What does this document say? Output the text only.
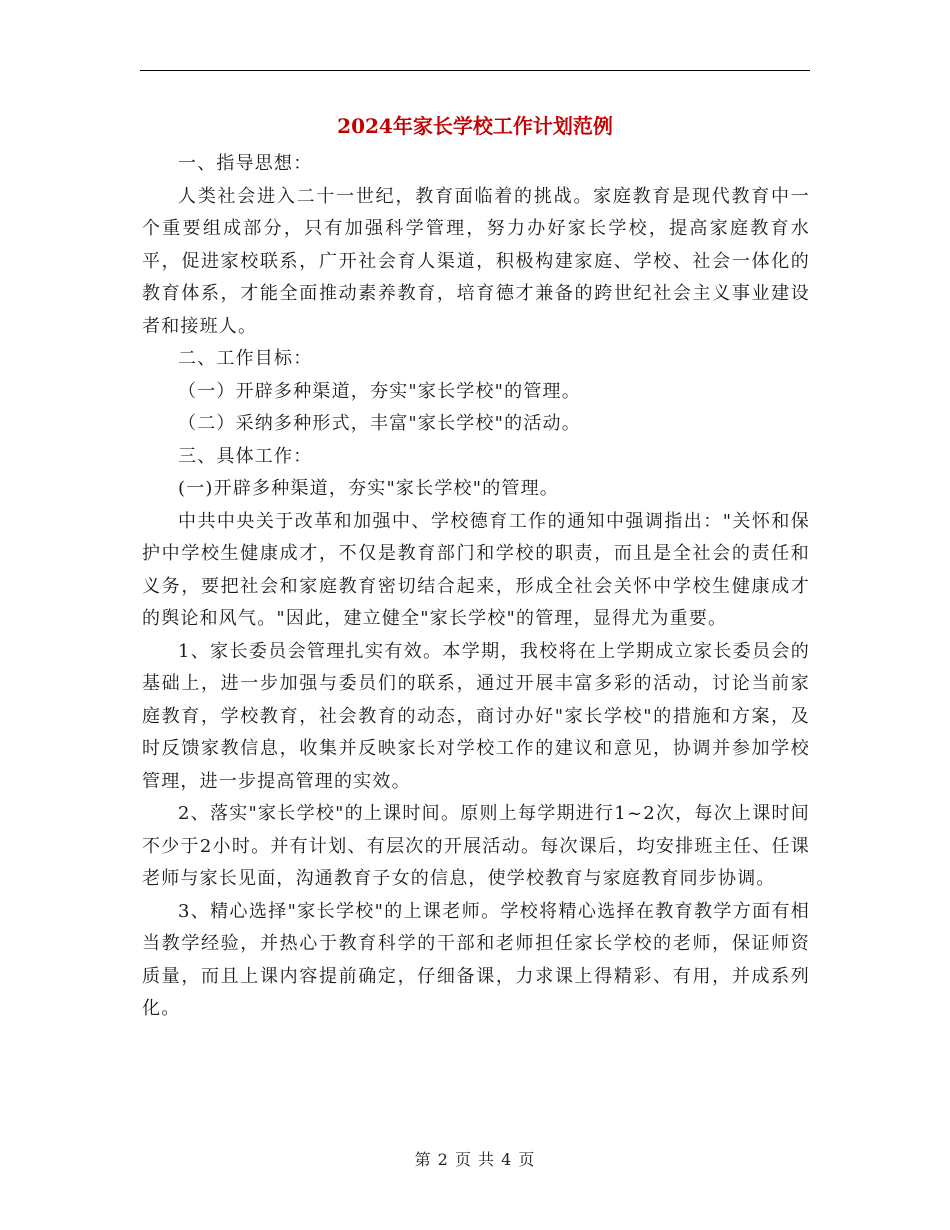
2024年家长学校工作计划范例

一、指导思想：

人类社会进入二十一世纪，教育面临着的挑战。家庭教育是现代教育中一个重要组成部分，只有加强科学管理，努力办好家长学校，提高家庭教育水平，促进家校联系，广开社会育人渠道，积极构建家庭、学校、社会一体化的教育体系，才能全面推动素养教育，培育德才兼备的跨世纪社会主义事业建设者和接班人。

二、工作目标：

（一）开辟多种渠道，夯实"家长学校"的管理。

（二）采纳多种形式，丰富"家长学校"的活动。

三、具体工作：

(一)开辟多种渠道，夯实"家长学校"的管理。

中共中央关于改革和加强中、学校德育工作的通知中强调指出："关怀和保护中学校生健康成才，不仅是教育部门和学校的职责，而且是全社会的责任和义务，要把社会和家庭教育密切结合起来，形成全社会关怀中学校生健康成才的舆论和风气。"因此，建立健全"家长学校"的管理，显得尤为重要。

1、家长委员会管理扎实有效。本学期，我校将在上学期成立家长委员会的基础上，进一步加强与委员们的联系，通过开展丰富多彩的活动，讨论当前家庭教育，学校教育，社会教育的动态，商讨办好"家长学校"的措施和方案，及时反馈家教信息，收集并反映家长对学校工作的建议和意见，协调并参加学校管理，进一步提高管理的实效。

2、落实"家长学校"的上课时间。原则上每学期进行1~2次，每次上课时间不少于2小时。并有计划、有层次的开展活动。每次课后，均安排班主任、任课老师与家长见面，沟通教育子女的信息，使学校教育与家庭教育同步协调。

3、精心选择"家长学校"的上课老师。学校将精心选择在教育教学方面有相当教学经验，并热心于教育科学的干部和老师担任家长学校的老师，保证师资质量，而且上课内容提前确定，仔细备课，力求课上得精彩、有用，并成系列化。

第 2 页 共 4 页
